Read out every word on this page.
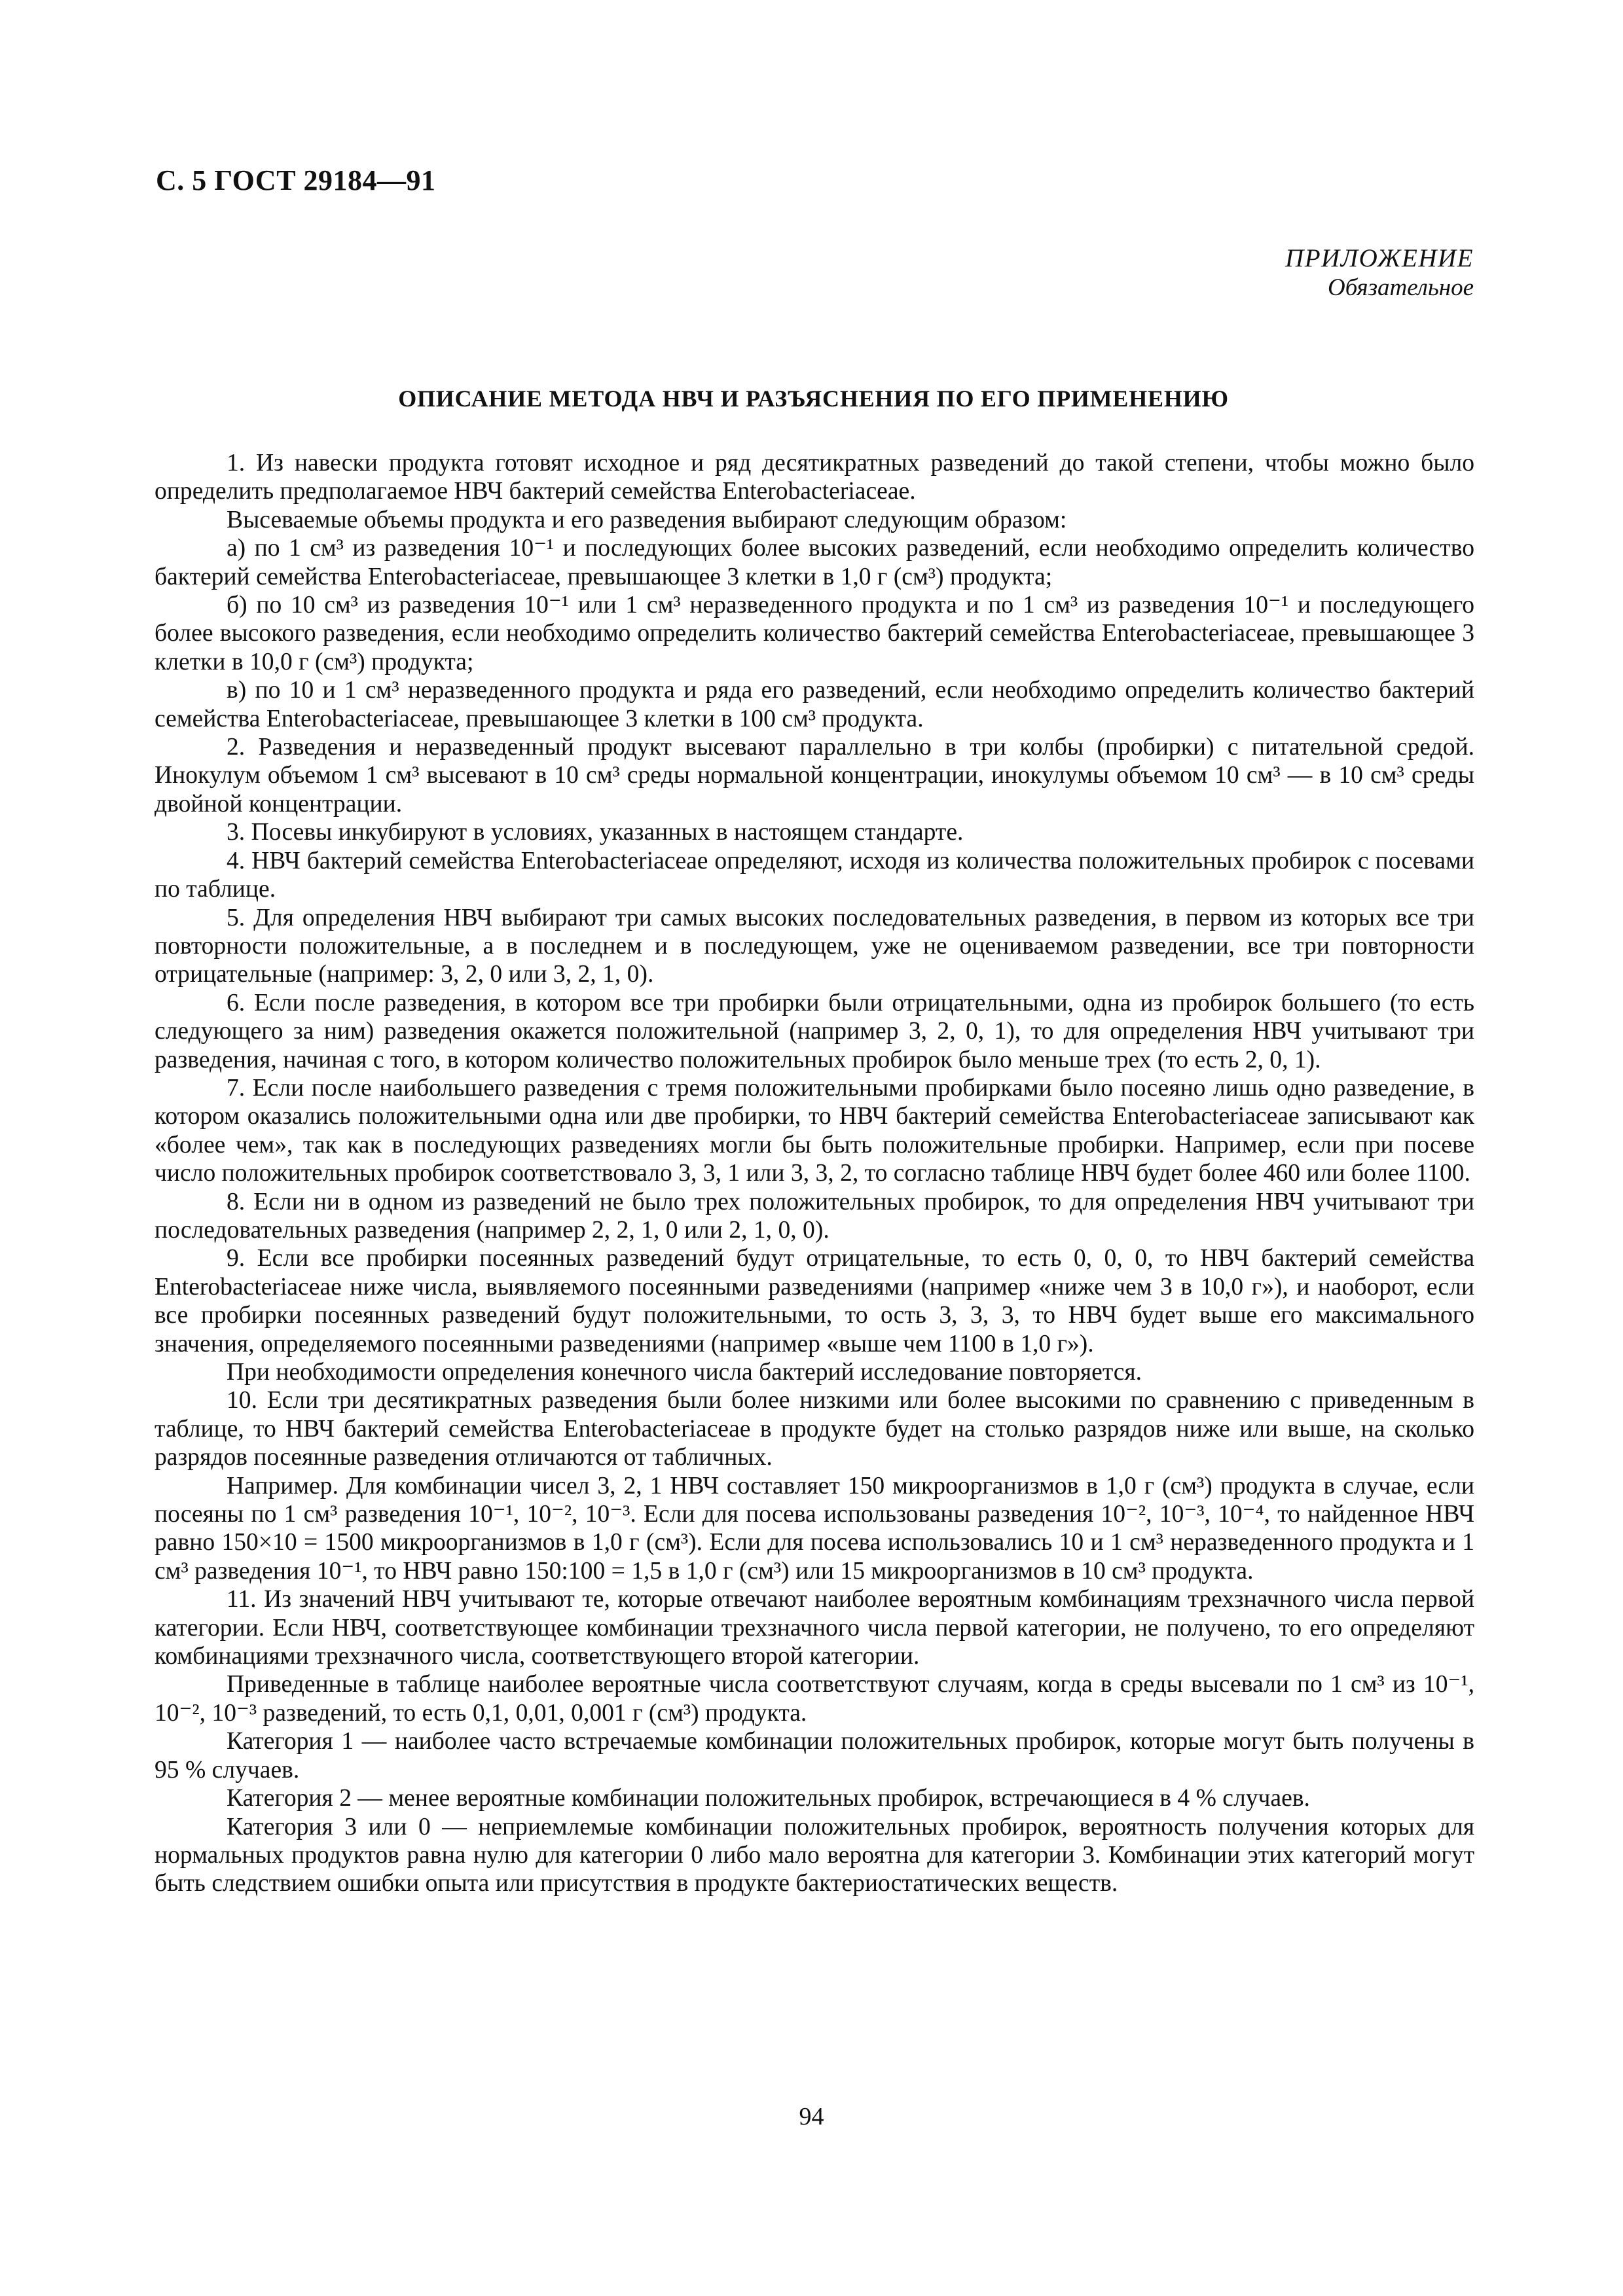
С. 5 ГОСТ 29184—91
ПРИЛОЖЕНИЕ
Обязательное
ОПИСАНИЕ МЕТОДА НВЧ И РАЗЪЯСНЕНИЯ ПО ЕГО ПРИМЕНЕНИЮ

1. Из навески продукта готовят исходное и ряд десятикратных разведений до такой степени, чтобы можно было определить предполагаемое НВЧ бактерий семейства Enterobacteriaceae.

Высеваемые объемы продукта и его разведения выбирают следующим образом:

а) по 1 см³ из разведения 10⁻¹ и последующих более высоких разведений, если необходимо определить количество бактерий семейства Enterobacteriaceae, превышающее 3 клетки в 1,0 г (см³) продукта;

б) по 10 см³ из разведения 10⁻¹ или 1 см³ неразведенного продукта и по 1 см³ из разведения 10⁻¹ и последующего более высокого разведения, если необходимо определить количество бактерий семейства Enterobacteriaceae, превышающее 3 клетки в 10,0 г (см³) продукта;

в) по 10 и 1 см³ неразведенного продукта и ряда его разведений, если необходимо определить количество бактерий семейства Enterobacteriaceae, превышающее 3 клетки в 100 см³ продукта.

2. Разведения и неразведенный продукт высевают параллельно в три колбы (пробирки) с питательной средой. Инокулум объемом 1 см³ высевают в 10 см³ среды нормальной концентрации, инокулумы объемом 10 см³ — в 10 см³ среды двойной концентрации.

3. Посевы инкубируют в условиях, указанных в настоящем стандарте.

4. НВЧ бактерий семейства Enterobacteriaceae определяют, исходя из количества положительных пробирок с посевами по таблице.

5. Для определения НВЧ выбирают три самых высоких последовательных разведения, в первом из которых все три повторности положительные, а в последнем и в последующем, уже не оцениваемом разведении, все три повторности отрицательные (например: 3, 2, 0 или 3, 2, 1, 0).

6. Если после разведения, в котором все три пробирки были отрицательными, одна из пробирок большeго (то есть следующего за ним) разведения окажется положительной (например 3, 2, 0, 1), то для определения НВЧ учитывают три разведения, начиная с того, в котором количество положительных пробирок было меньше трех (то есть 2, 0, 1).

7. Если после наибольшего разведения с тремя положительными пробирками было посеяно лишь одно разведение, в котором оказались положительными одна или две пробирки, то НВЧ бактерий семейства Enterobacteriaceae записывают как «более чем», так как в последующих разведениях могли бы быть положительные пробирки. Например, если при посеве число положительных пробирок соответствовало 3, 3, 1 или 3, 3, 2, то согласно таблице НВЧ будет более 460 или более 1100.

8. Если ни в одном из разведений не было трех положительных пробирок, то для определения НВЧ учитывают три последовательных разведения (например 2, 2, 1, 0 или 2, 1, 0, 0).

9. Если все пробирки посеянных разведений будут отрицательные, то есть 0, 0, 0, то НВЧ бактерий семейства Enterobacteriaceae ниже числа, выявляемого посеянными разведениями (например «ниже чем 3 в 10,0 г»), и наоборот, если все пробирки посеянных разведений будут положительными, то ость 3, 3, 3, то НВЧ будет выше его максимального значения, определяемого посеянными разведениями (например «выше чем 1100 в 1,0 г»).

При необходимости определения конечного числа бактерий исследование повторяется.

10. Если три десятикратных разведения были более низкими или более высокими по сравнению с приведенным в таблице, то НВЧ бактерий семейства Enterobacteriaceae в продукте будет на столько разрядов ниже или выше, на сколько разрядов посеянные разведения отличаются от табличных.

Например. Для комбинации чисел 3, 2, 1 НВЧ составляет 150 микроорганизмов в 1,0 г (см³) продукта в случае, если посеяны по 1 см³ разведения 10⁻¹, 10⁻², 10⁻³. Если для посева использованы разведения 10⁻², 10⁻³, 10⁻⁴, то найденное НВЧ равно 150×10 = 1500 микроорганизмов в 1,0 г (см³). Если для посева использовались 10 и 1 см³ неразведенного продукта и 1 см³ разведения 10⁻¹, то НВЧ равно 150:100 = 1,5 в 1,0 г (см³) или 15 микроорганизмов в 10 см³ продукта.

11. Из значений НВЧ учитывают те, которые отвечают наиболее вероятным комбинациям трехзначного числа первой категории. Если НВЧ, соответствующее комбинации трехзначного числа первой категории, не получено, то его определяют комбинациями трехзначного числа, соответствующего второй категории.

Приведенные в таблице наиболее вероятные числа соответствуют случаям, когда в среды высевали по 1 см³ из 10⁻¹, 10⁻², 10⁻³ разведений, то есть 0,1, 0,01, 0,001 г (см³) продукта.

Категория 1 — наиболее часто встречаемые комбинации положительных пробирок, которые могут быть получены в 95 % случаев.

Категория 2 — менее вероятные комбинации положительных пробирок, встречающиеся в 4 % случаев.

Категория 3 или 0 — неприемлемые комбинации положительных пробирок, вероятность получения которых для нормальных продуктов равна нулю для категории 0 либо мало вероятна для категории 3. Комбинации этих категорий могут быть следствием ошибки опыта или присутствия в продукте бактериостатических веществ.

94
